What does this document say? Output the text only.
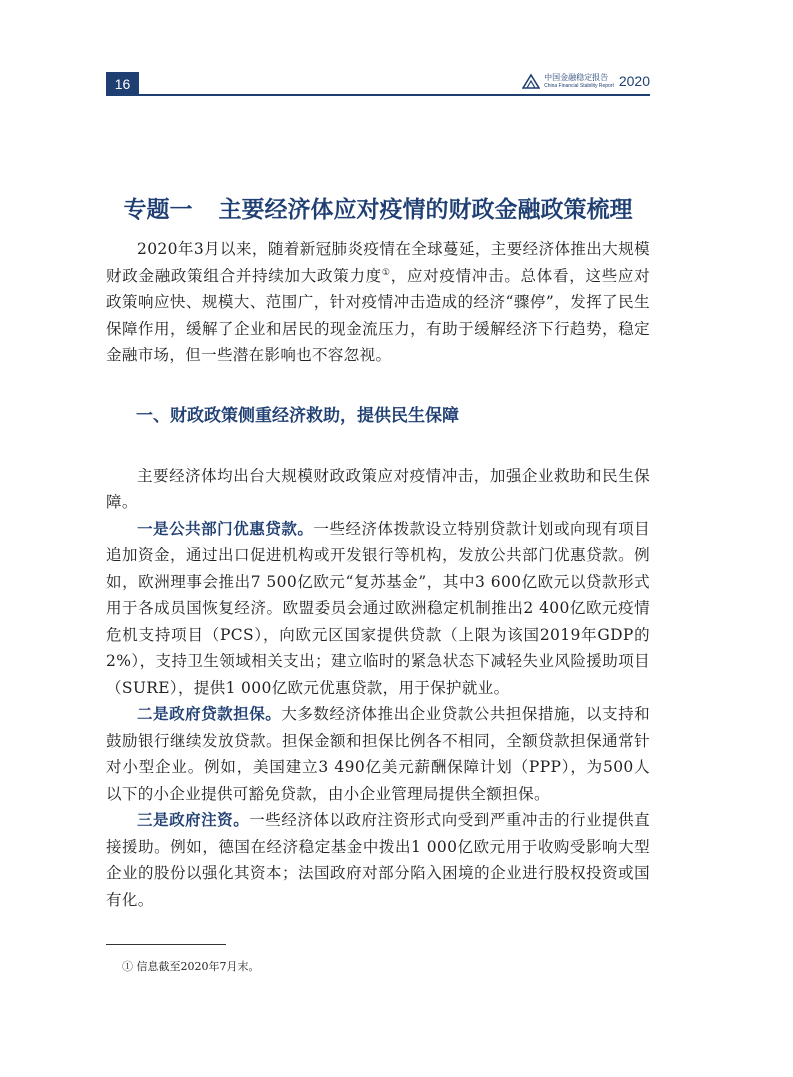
16	中国金融稳定报告
China Financial Stability Report 2020
专题一 主要经济体应对疫情的财政金融政策梳理

2020年3月以来，随着新冠肺炎疫情在全球蔓延，主要经济体推出大规模财政金融政策组合并持续加大政策力度①，应对疫情冲击。总体看，这些应对政策响应快、规模大、范围广，针对疫情冲击造成的经济“骤停”，发挥了民生保障作用，缓解了企业和居民的现金流压力，有助于缓解经济下行趋势，稳定金融市场，但一些潜在影响也不容忽视。

一、财政政策侧重经济救助，提供民生保障

主要经济体均出台大规模财政政策应对疫情冲击，加强企业救助和民生保障。

一是公共部门优惠贷款。一些经济体拨款设立特别贷款计划或向现有项目追加资金，通过出口促进机构或开发银行等机构，发放公共部门优惠贷款。例如，欧洲理事会推出7 500亿欧元“复苏基金”，其中3 600亿欧元以贷款形式用于各成员国恢复经济。欧盟委员会通过欧洲稳定机制推出2 400亿欧元疫情危机支持项目（PCS），向欧元区国家提供贷款（上限为该国2019年GDP的2%），支持卫生领域相关支出；建立临时的紧急状态下减轻失业风险援助项目（SURE），提供1 000亿欧元优惠贷款，用于保护就业。

二是政府贷款担保。大多数经济体推出企业贷款公共担保措施，以支持和鼓励银行继续发放贷款。担保金额和担保比例各不相同，全额贷款担保通常针对小型企业。例如，美国建立3 490亿美元薪酬保障计划（PPP），为500人以下的小企业提供可豁免贷款，由小企业管理局提供全额担保。

三是政府注资。一些经济体以政府注资形式向受到严重冲击的行业提供直接援助。例如，德国在经济稳定基金中拨出1 000亿欧元用于收购受影响大型企业的股份以强化其资本；法国政府对部分陷入困境的企业进行股权投资或国有化。

① 信息截至2020年7月末。
